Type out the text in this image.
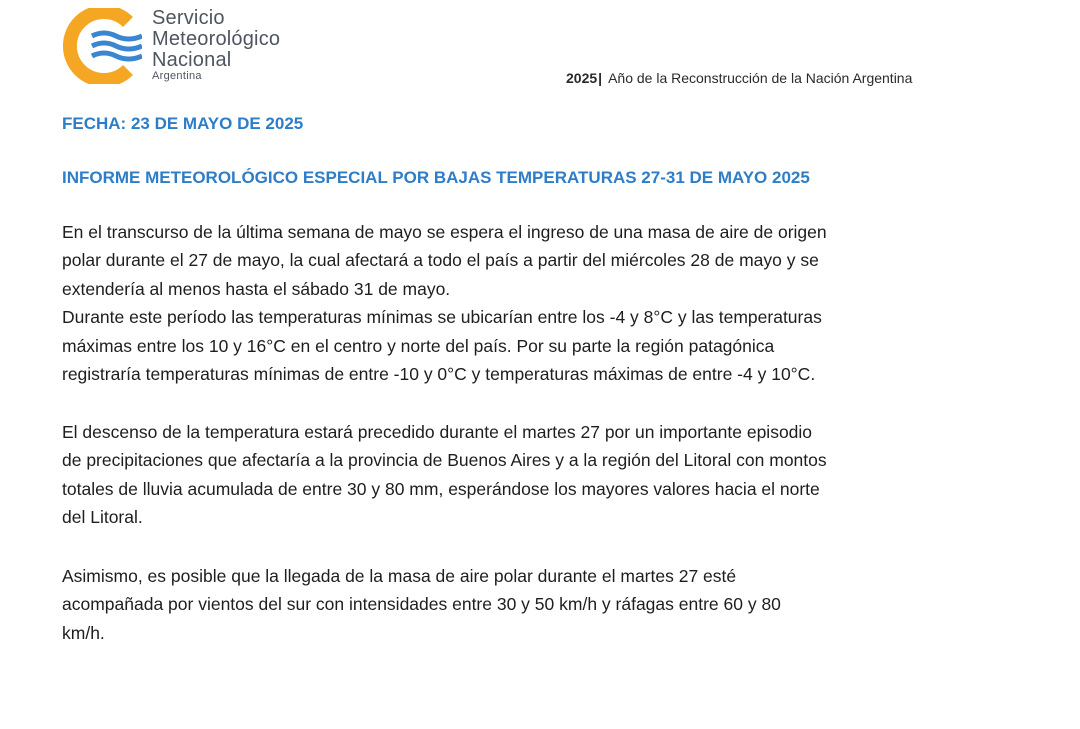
Servicio
Meteorológico
Nacional
Argentina	2025| Año de la Reconstrucción de la Nación Argentina
FECHA: 23 DE MAYO DE 2025
INFORME METEOROLÓGICO ESPECIAL POR BAJAS TEMPERATURAS 27-31 DE MAYO 2025
En el transcurso de la última semana de mayo se espera el ingreso de una masa de aire de origen
polar durante el 27 de mayo, la cual afectará a todo el país a partir del miércoles 28 de mayo y se
extendería al menos hasta el sábado 31 de mayo.
Durante este período las temperaturas mínimas se ubicarían entre los -4 y 8°C y las temperaturas
máximas entre los 10 y 16°C en el centro y norte del país. Por su parte la región patagónica
registraría temperaturas mínimas de entre -10 y 0°C y temperaturas máximas de entre -4 y 10°C.
El descenso de la temperatura estará precedido durante el martes 27 por un importante episodio
de precipitaciones que afectaría a la provincia de Buenos Aires y a la región del Litoral con montos
totales de lluvia acumulada de entre 30 y 80 mm, esperándose los mayores valores hacia el norte
del Litoral.
Asimismo, es posible que la llegada de la masa de aire polar durante el martes 27 esté
acompañada por vientos del sur con intensidades entre 30 y 50 km/h y ráfagas entre 60 y 80
km/h.
